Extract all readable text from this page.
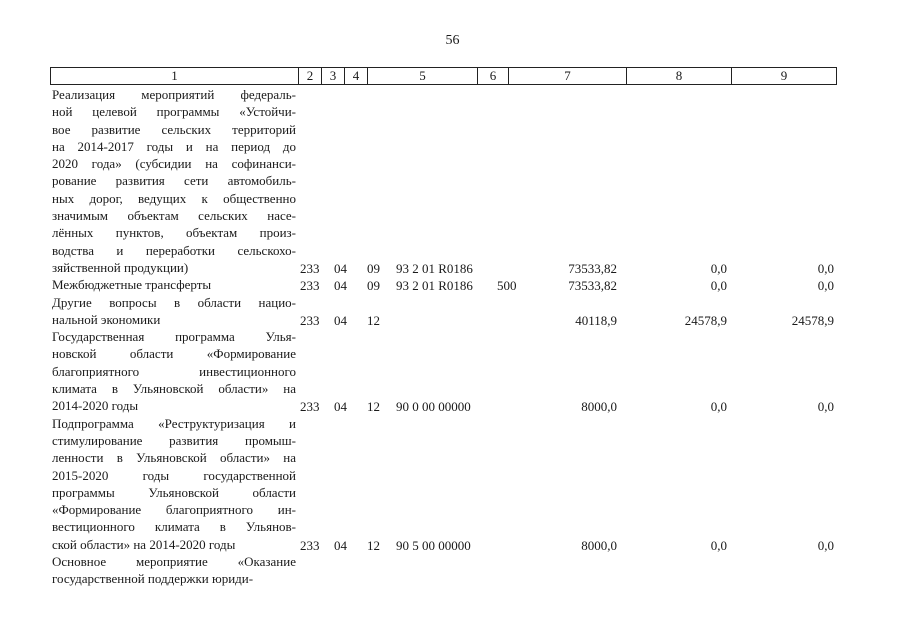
56
1	2	3	4	5	6	7	8	9
Реализация мероприятий федераль-
ной целевой программы «Устойчи-
вое развитие сельских территорий
на 2014-2017 годы и на период до
2020 года» (субсидии на софинанси-
рование развития сети автомобиль-
ных дорог, ведущих к общественно
значимым объектам сельских насе-
лённых пунктов, объектам произ-
водства и переработки сельскохо-
зяйственной продукции)	233 04 09 93 2 01 R0186	73533,82	0,0	0,0
Межбюджетные трансферты	233 04 09 93 2 01 R0186 500	73533,82	0,0	0,0
Другие вопросы в области нацио-
нальной экономики	233 04 12	40118,9	24578,9	24578,9
Государственная программа Улья-
новской области «Формирование
благоприятного инвестиционного
климата в Ульяновской области» на
2014-2020 годы	233 04 12 90 0 00 00000	8000,0	0,0	0,0
Подпрограмма «Реструктуризация и
стимулирование развития промыш-
ленности в Ульяновской области» на
2015-2020 годы государственной
программы Ульяновской области
«Формирование благоприятного ин-
вестиционного климата в Ульянов-
ской области» на 2014-2020 годы	233 04 12 90 5 00 00000	8000,0	0,0	0,0
Основное мероприятие «Оказание
государственной поддержки юриди-
